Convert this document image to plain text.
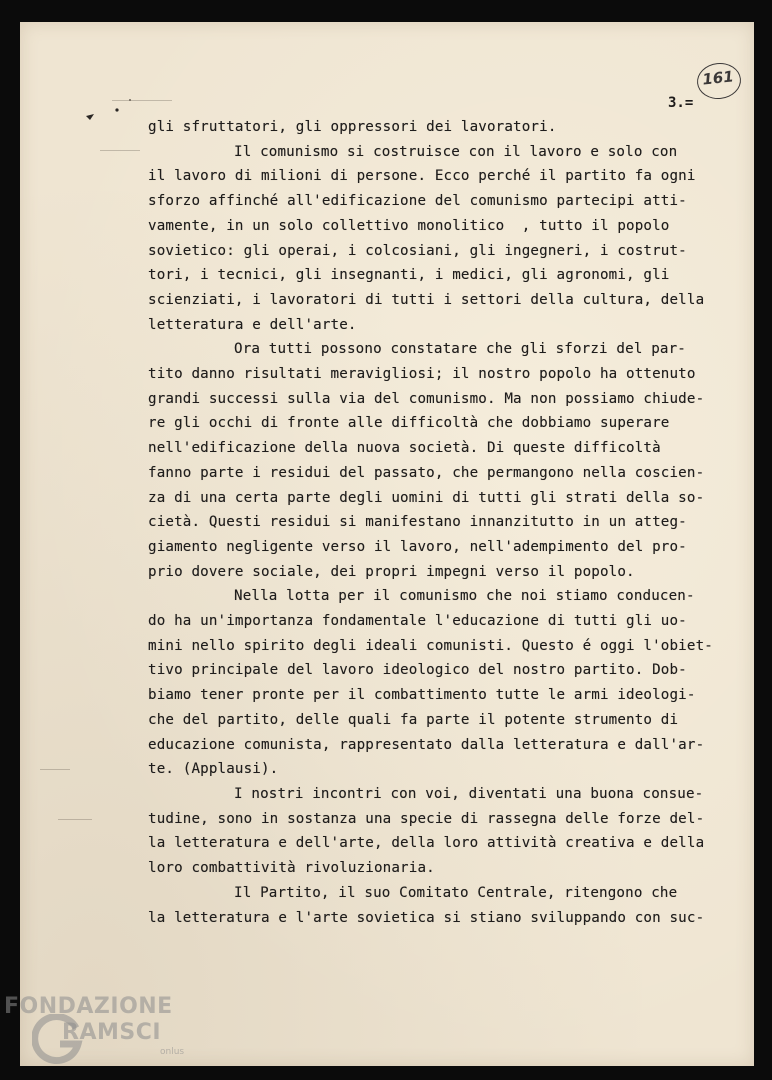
161
3.=
gli sfruttatori, gli oppressori dei lavoratori.
Il comunismo si costruisce con il lavoro e solo con
il lavoro di milioni di persone. Ecco perché il partito fa ogni
sforzo affinché all'edificazione del comunismo partecipi atti-
vamente, in un solo collettivo monolitico  , tutto il popolo
sovietico: gli operai, i colcosiani, gli ingegneri, i costrut-
tori, i tecnici, gli insegnanti, i medici, gli agronomi, gli
scienziati, i lavoratori di tutti i settori della cultura, della
letteratura e dell'arte.
Ora tutti possono constatare che gli sforzi del par-
tito danno risultati meravigliosi; il nostro popolo ha ottenuto
grandi successi sulla via del comunismo. Ma non possiamo chiude-
re gli occhi di fronte alle difficoltà che dobbiamo superare
nell'edificazione della nuova società. Di queste difficoltà
fanno parte i residui del passato, che permangono nella coscien-
za di una certa parte degli uomini di tutti gli strati della so-
cietà. Questi residui si manifestano innanzitutto in un atteg-
giamento negligente verso il lavoro, nell'adempimento del pro-
prio dovere sociale, dei propri impegni verso il popolo.
Nella lotta per il comunismo che noi stiamo conducen-
do ha un'importanza fondamentale l'educazione di tutti gli uo-
mini nello spirito degli ideali comunisti. Questo é oggi l'obiet-
tivo principale del lavoro ideologico del nostro partito. Dob-
biamo tener pronte per il combattimento tutte le armi ideologi-
che del partito, delle quali fa parte il potente strumento di
educazione comunista, rappresentato dalla letteratura e dall'ar-
te. (Applausi).
I nostri incontri con voi, diventati una buona consue-
tudine, sono in sostanza una specie di rassegna delle forze del-
la letteratura e dell'arte, della loro attività creativa e della
loro combattività rivoluzionaria.
Il Partito, il suo Comitato Centrale, ritengono che
la letteratura e l'arte sovietica si stiano sviluppando con suc-
FONDAZIONE
RAMSCI
onlus
